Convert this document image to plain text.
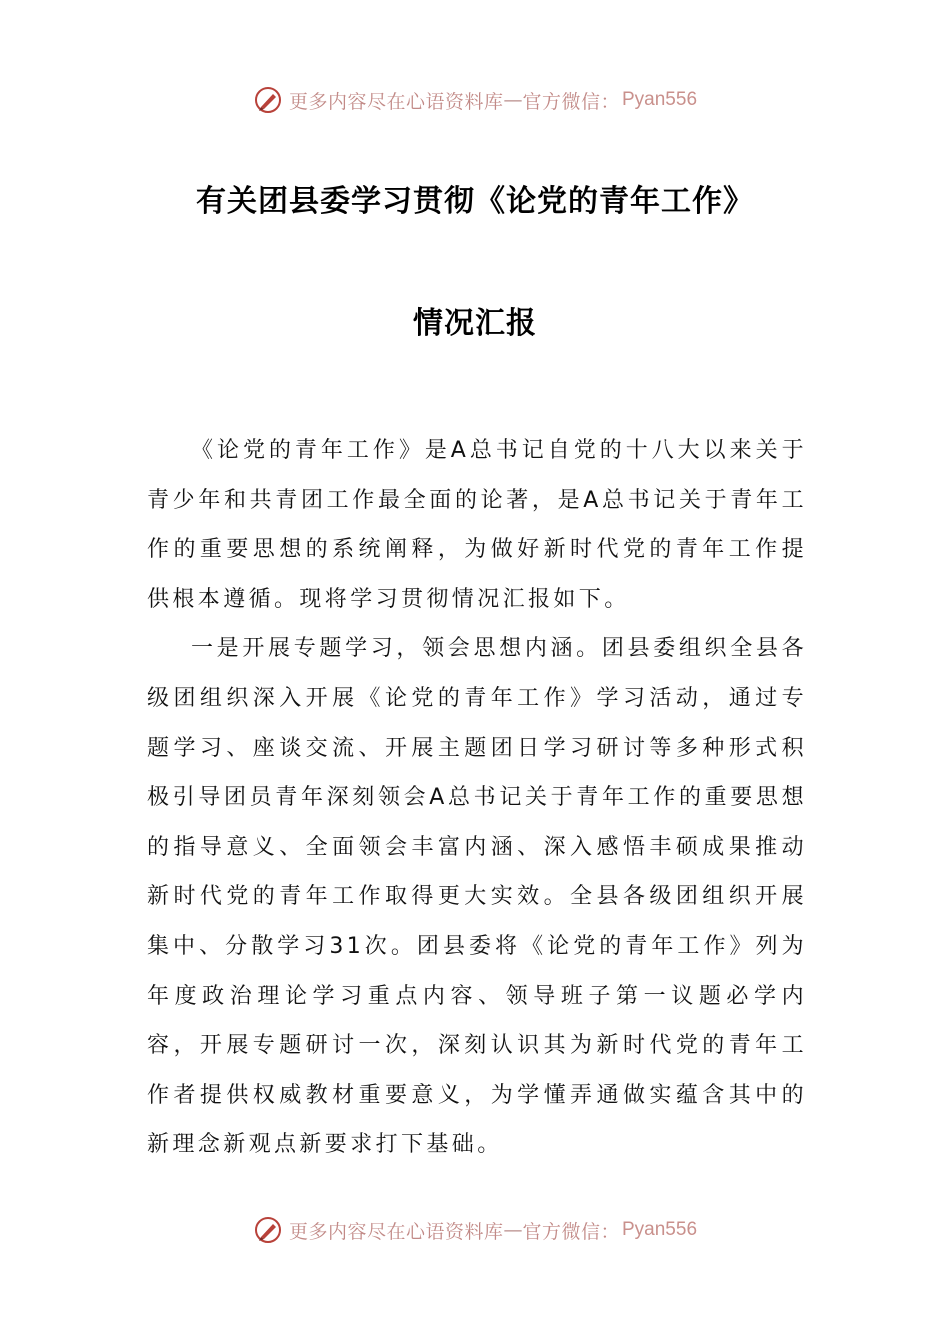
更多内容尽在心语资料库 — 官方微信： Pyan556
有关团县委学习贯彻《论党的青年工作》
情况汇报

《论党的青年工作》是A总书记自党的十八大以来关于青少年和共青团工作最全面的论著，是A总书记关于青年工作的重要思想的系统阐释，为做好新时代党的青年工作提供根本遵循。现将学习贯彻情况汇报如下。

一是开展专题学习，领会思想内涵。团县委组织全县各级团组织深入开展《论党的青年工作》学习活动，通过专题学习、座谈交流、开展主题团日学习研讨等多种形式积极引导团员青年深刻领会A总书记关于青年工作的重要思想的指导意义、全面领会丰富内涵、深入感悟丰硕成果推动新时代党的青年工作取得更大实效。全县各级团组织开展集中、分散学习31次。团县委将《论党的青年工作》列为年度政治理论学习重点内容、领导班子第一议题必学内容，开展专题研讨一次，深刻认识其为新时代党的青年工作者提供权威教材重要意义，为学懂弄通做实蕴含其中的新理念新观点新要求打下基础。

更多内容尽在心语资料库 — 官方微信： Pyan556
